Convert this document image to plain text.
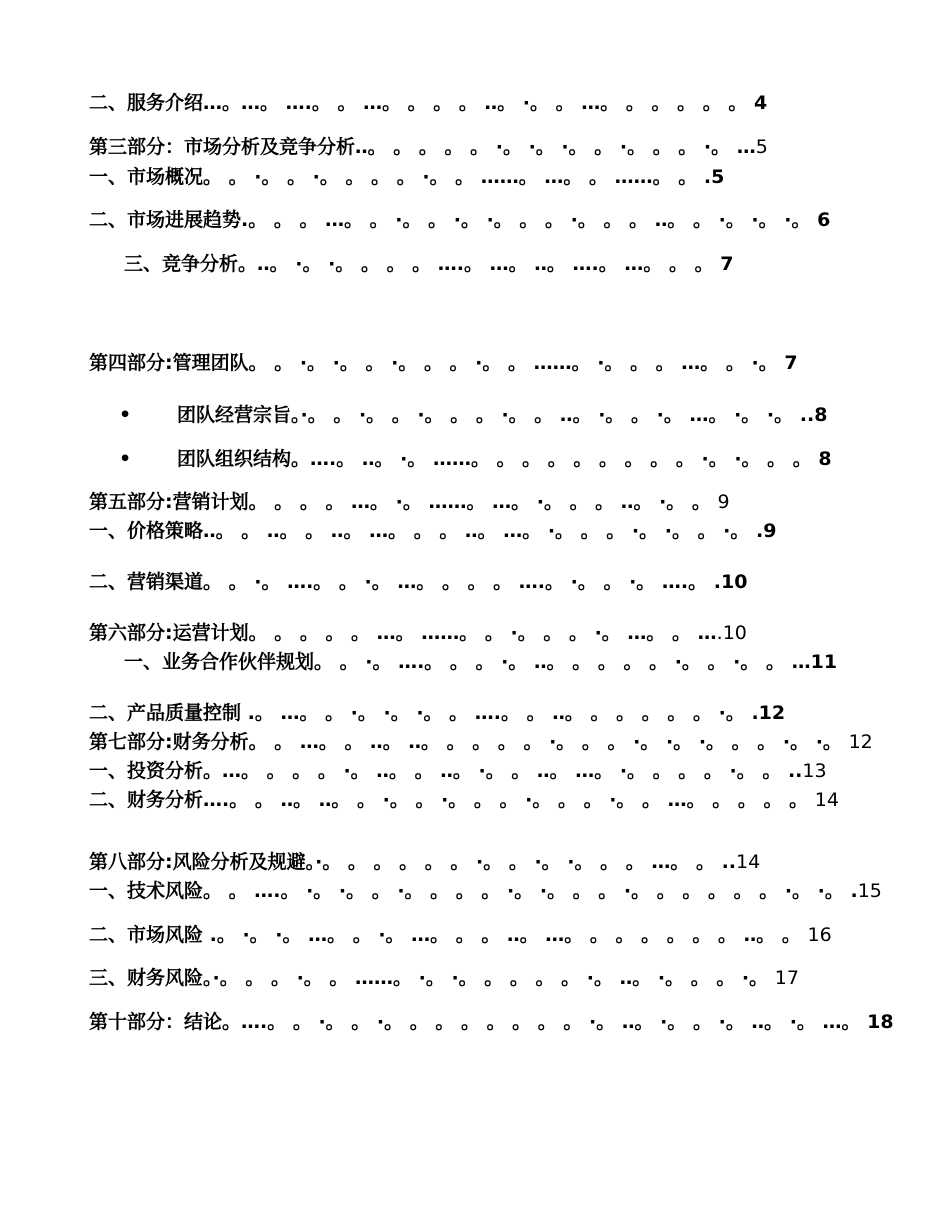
二、服务介绍…。…。 ….。 。 …。 。 。 。 ‥。 ·。 。 …。 。 。 。 。 。 4
第三部分：市场分析及竞争分析‥。 。 。 。 。 ·。 ·。 ·。 。 ·。 。 。 ·。 …5
一、市场概况。 。 ·。 。 ·。 。 。 。 ·。 。 ……。 …。 。 ……。 。 .5
二、市场进展趋势.。 。 。 …。 。 ·。 。 ·。 ·。 。 。 ·。 。 。 ‥。 。 ·。 ·。 ·。 6
三、竞争分析。‥。 ·。 ·。 。 。 。 ….。 …。 ‥。 ….。 …。 。 。 7
第四部分:管理团队。 。 ·。 ·。 。 ·。 。 。 ·。 。 ……。 ·。 。 。 …。 。 ·。 7
• 团队经营宗旨。·。 。 ·。 。 ·。 。 。 ·。 。 ‥。 ·。 。 ·。 …。 ·。 ·。 ..8
• 团队组织结构。….。 ‥。 ·。 ……。 。 。 。 。 。 。 。 。 ·。 ·。 。 。 8
第五部分:营销计划。 。 。 。 …。 ·。 ……。 …。 ·。 。 。 ‥。 ·。 。 9
一、价格策略‥。 。 ‥。 。 ‥。 …。 。 。 ‥。 …。 ·。 。 。 ·。 ·。 。 ·。 .9
二、营销渠道。 。 ·。 ….。 。 ·。 …。 。 。 。 ….。 ·。 。 ·。 ….。 .10
第六部分:运营计划。 。 。 。 。 …。 ……。 。 ·。 。 。 ·。 …。 。 ….10
一、业务合作伙伴规划。 。 ·。 ….。 。 。 ·。 ‥。 。 。 。 。 ·。 。 ·。 。 …11
二、产品质量控制 .。 …。 。 ·。 ·。 ·。 。 ….。 。 ‥。 。 。 。 。 。 ·。 .12
第七部分:财务分析。 。 …。 。 ‥。 ‥。 。 。 。 。 ·。 。 。 ·。 ·。 ·。 。 。 ·。 ·。 12
一、投资分析。…。 。 。 。 ·。 ‥。 。 ‥。 ·。 。 ‥。 …。 ·。 。 。 。 ·。 。 ..13
二、财务分析….。 。 ‥。 ‥。 。 ·。 。 ·。 。 。 ·。 。 。 ·。 。 …。 。 。 。 。 14
第八部分:风险分析及规避。·。 。 。 。 。 。 ·。 。 ·。 ·。 。 。 …。 。 ..14
一、技术风险。 。 ….。 ·。 ·。 。 ·。 。 。 。 ·。 ·。 。 。 ·。 。 。 。 。 。 ·。 ·。 .15
二、市场风险 .。 ·。 ·。 …。 。 ·。 …。 。 。 ‥。 …。 。 。 。 。 。 。 ‥。 。 16
三、财务风险。·。 。 。 ·。 。 ……。 ·。 ·。 。 。 。 。 ·。 ‥。 ·。 。 。 ·。 17
第十部分：结论。….。 。 ·。 。 ·。 。 。 。 。 。 。 。 ·。 ‥。 ·。 。 ·。 ‥。 ·。 …。 18
